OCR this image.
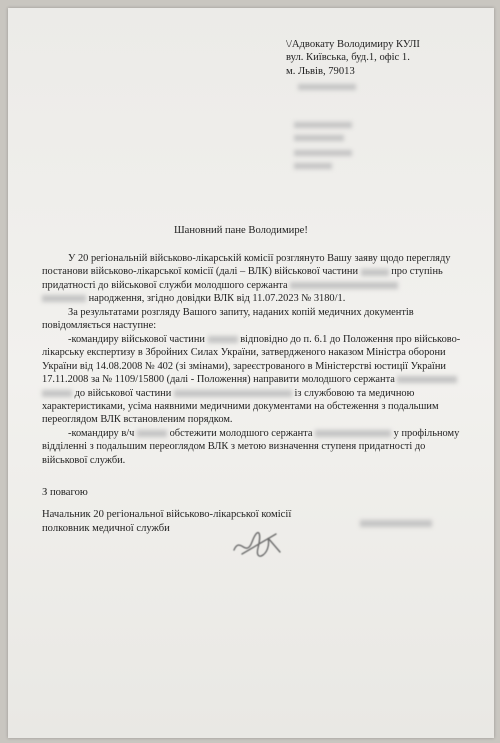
\/Адвокату Володимиру КУЛІ
вул. Київська, буд.1, офіс 1.
м. Львів, 79013
Шановний пане Володимире!
У 20 регіональній військово-лікарській комісії розглянуто Вашу заяву щодо перегляду
постанови військово-лікарської комісії (далі – ВЛК) військової частини	про ступінь
придатності до військової служби молодшого сержанта
народження, згідно довідки ВЛК від 11.07.2023 № 3180/1.
За результатами розгляду Вашого запиту, наданих копій медичних документів
повідомляється наступне:
-командиру військової частини	відповідно до п. 6.1 до Положення про військово-
лікарську експертизу в Збройних Силах України, затвердженого наказом Міністра оборони
України від 14.08.2008 № 402 (зі змінами), зареєстрованого в Міністерстві юстиції України
17.11.2008 за № 1109/15800 (далі - Положення) направити молодшого сержанта
до військової частини	із службовою та медичною
характеристиками, усіма наявними медичними документами на обстеження з подальшим
переоглядом ВЛК встановленим порядком.
-командиру в/ч	обстежити молодшого сержанта	у профільному
відділенні з подальшим переоглядом ВЛК з метою визначення ступеня придатності до
військової служби.
З повагою
Начальник 20 регіональної військово-лікарської комісії
полковник медичної служби
